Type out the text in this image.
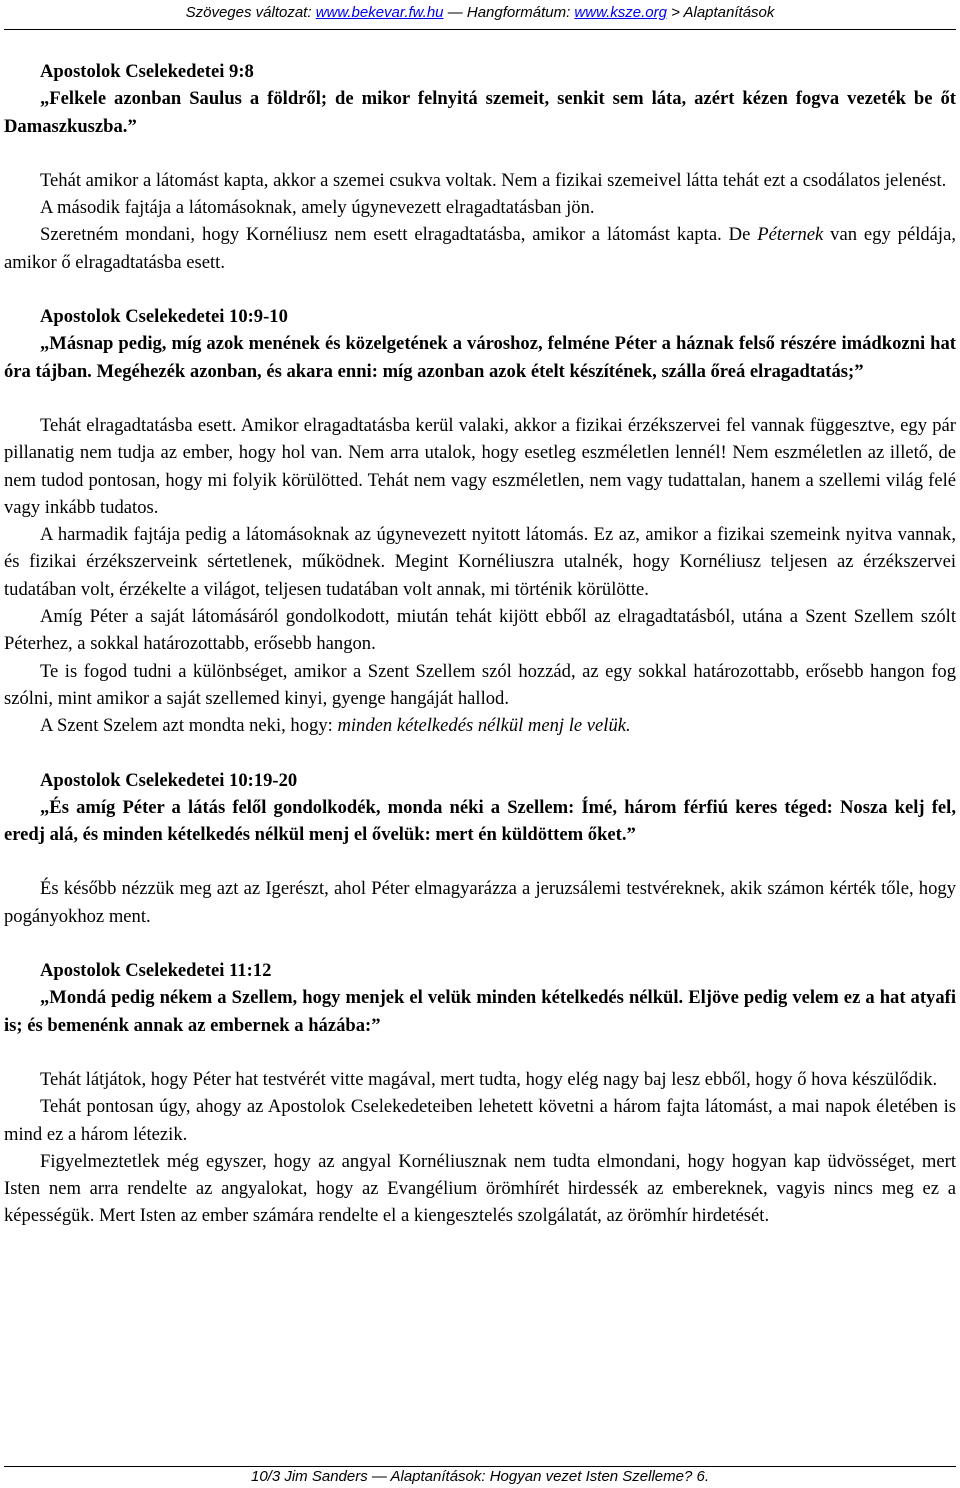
Szöveges változat: www.bekevar.fw.hu — Hangformátum: www.ksze.org > Alaptanítások

Apostolok Cselekedetei 9:8

„Felkele azonban Saulus a földről; de mikor felnyitá szemeit, senkit sem láta, azért kézen fogva vezeték be őt Damaszkuszba.”

Tehát amikor a látomást kapta, akkor a szemei csukva voltak. Nem a fizikai szemeivel látta tehát ezt a csodálatos jelenést.

A második fajtája a látomásoknak, amely úgynevezett elragadtatásban jön.

Szeretném mondani, hogy Kornéliusz nem esett elragadtatásba, amikor a látomást kapta. De Péternek van egy példája, amikor ő elragadtatásba esett.

Apostolok Cselekedetei 10:9-10

„Másnap pedig, míg azok menének és közelgetének a városhoz, felméne Péter a háznak felső részére imádkozni hat óra tájban. Megéhezék azonban, és akara enni: míg azonban azok ételt készítének, szálla őreá elragadtatás;”

Tehát elragadtatásba esett. Amikor elragadtatásba kerül valaki, akkor a fizikai érzékszervei fel vannak függesztve, egy pár pillanatig nem tudja az ember, hogy hol van. Nem arra utalok, hogy esetleg eszméletlen lennél! Nem eszméletlen az illető, de nem tudod pontosan, hogy mi folyik körülötted. Tehát nem vagy eszméletlen, nem vagy tudattalan, hanem a szellemi világ felé vagy inkább tudatos.

A harmadik fajtája pedig a látomásoknak az úgynevezett nyitott látomás. Ez az, amikor a fizikai szemeink nyitva vannak, és fizikai érzékszerveink sértetlenek, működnek. Megint Kornéliuszra utalnék, hogy Kornéliusz teljesen az érzékszervei tudatában volt, érzékelte a világot, teljesen tudatában volt annak, mi történik körülötte.

Amíg Péter a saját látomásáról gondolkodott, miután tehát kijött ebből az elragadtatásból, utána a Szent Szellem szólt Péterhez, a sokkal határozottabb, erősebb hangon.

Te is fogod tudni a különbséget, amikor a Szent Szellem szól hozzád, az egy sokkal határozottabb, erősebb hangon fog szólni, mint amikor a saját szellemed kinyi, gyenge hangáját hallod.

A Szent Szelem azt mondta neki, hogy: minden kételkedés nélkül menj le velük.

Apostolok Cselekedetei 10:19-20

„És amíg Péter a látás felől gondolkodék, monda néki a Szellem: Ímé, három férfiú keres téged: Nosza kelj fel, eredj alá, és minden kételkedés nélkül menj el ővelük: mert én küldöttem őket.”

És később nézzük meg azt az Igerészt, ahol Péter elmagyarázza a jeruzsálemi testvéreknek, akik számon kérték tőle, hogy pogányokhoz ment.

Apostolok Cselekedetei 11:12

„Mondá pedig nékem a Szellem, hogy menjek el velük minden kételkedés nélkül. Eljöve pedig velem ez a hat atyafi is; és bemenénk annak az embernek a házába:”

Tehát látjátok, hogy Péter hat testvérét vitte magával, mert tudta, hogy elég nagy baj lesz ebből, hogy ő hova készülődik.

Tehát pontosan úgy, ahogy az Apostolok Cselekedeteiben lehetett követni a három fajta látomást, a mai napok életében is mind ez a három létezik.

Figyelmeztetlek még egyszer, hogy az angyal Kornéliusznak nem tudta elmondani, hogy hogyan kap üdvösséget, mert Isten nem arra rendelte az angyalokat, hogy az Evangélium örömhírét hirdessék az embereknek, vagyis nincs meg ez a képességük. Mert Isten az ember számára rendelte el a kiengesztelés szolgálatát, az örömhír hirdetését.

10/3 Jim Sanders — Alaptanítások: Hogyan vezet Isten Szelleme? 6.
